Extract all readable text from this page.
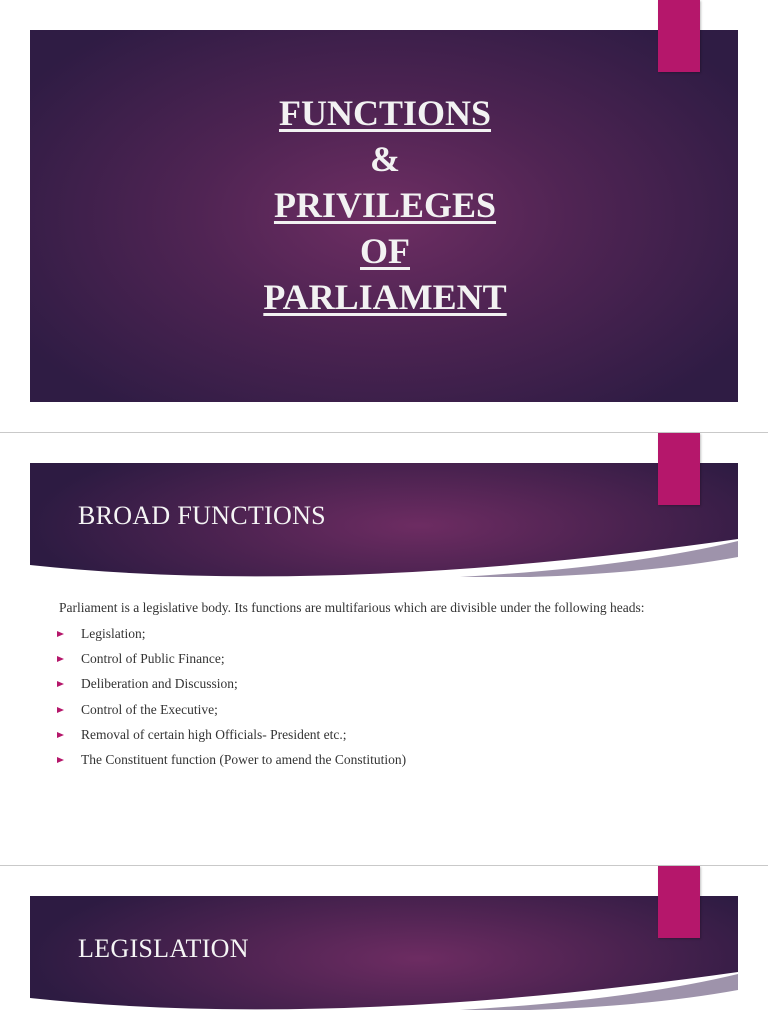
FUNCTIONS
&
PRIVILEGES
OF
PARLIAMENT
BROAD FUNCTIONS

Parliament is a legislative body. Its functions are multifarious which are divisible under the following heads:

Legislation;
Control of Public Finance;
Deliberation and Discussion;
Control of the Executive;
Removal of certain high Officials- President etc.;
The Constituent function (Power to amend the Constitution)
LEGISLATION
